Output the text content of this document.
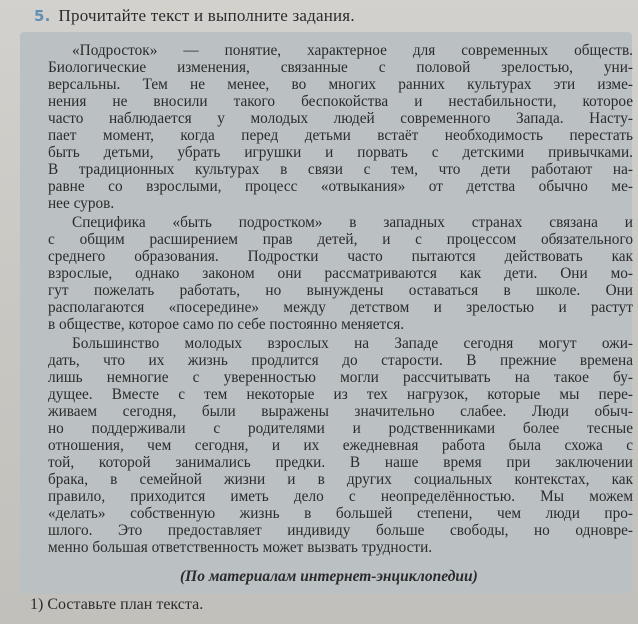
5. Прочитайте текст и выполните задания.
«Подросток» — понятие, характерное для современных обществ.
Биологические изменения, связанные с половой зрелостью, уни-
версальны. Тем не менее, во многих ранних культурах эти изме-
нения не вносили такого беспокойства и нестабильности, которое
часто наблюдается у молодых людей современного Запада. Насту-
пает момент, когда перед детьми встаёт необходимость перестать
быть детьми, убрать игрушки и порвать с детскими привычками.
В традиционных культурах в связи с тем, что дети работают на-
равне со взрослыми, процесс «отвыкания» от детства обычно ме-
нее суров.
Специфика «быть подростком» в западных странах связана и
с общим расширением прав детей, и с процессом обязательного
среднего образования. Подростки часто пытаются действовать как
взрослые, однако законом они рассматриваются как дети. Они мо-
гут пожелать работать, но вынуждены оставаться в школе. Они
располагаются «посередине» между детством и зрелостью и растут
в обществе, которое само по себе постоянно меняется.
Большинство молодых взрослых на Западе сегодня могут ожи-
дать, что их жизнь продлится до старости. В прежние времена
лишь немногие с уверенностью могли рассчитывать на такое бу-
дущее. Вместе с тем некоторые из тех нагрузок, которые мы пере-
живаем сегодня, были выражены значительно слабее. Люди обыч-
но поддерживали с родителями и родственниками более тесные
отношения, чем сегодня, и их ежедневная работа была схожа с
той, которой занимались предки. В наше время при заключении
брака, в семейной жизни и в других социальных контекстах, как
правило, приходится иметь дело с неопределённостью. Мы можем
«делать» собственную жизнь в большей степени, чем люди про-
шлого. Это предоставляет индивиду больше свободы, но одновре-
менно большая ответственность может вызвать трудности.
(По материалам интернет-энциклопедии)
1) Составьте план текста.
